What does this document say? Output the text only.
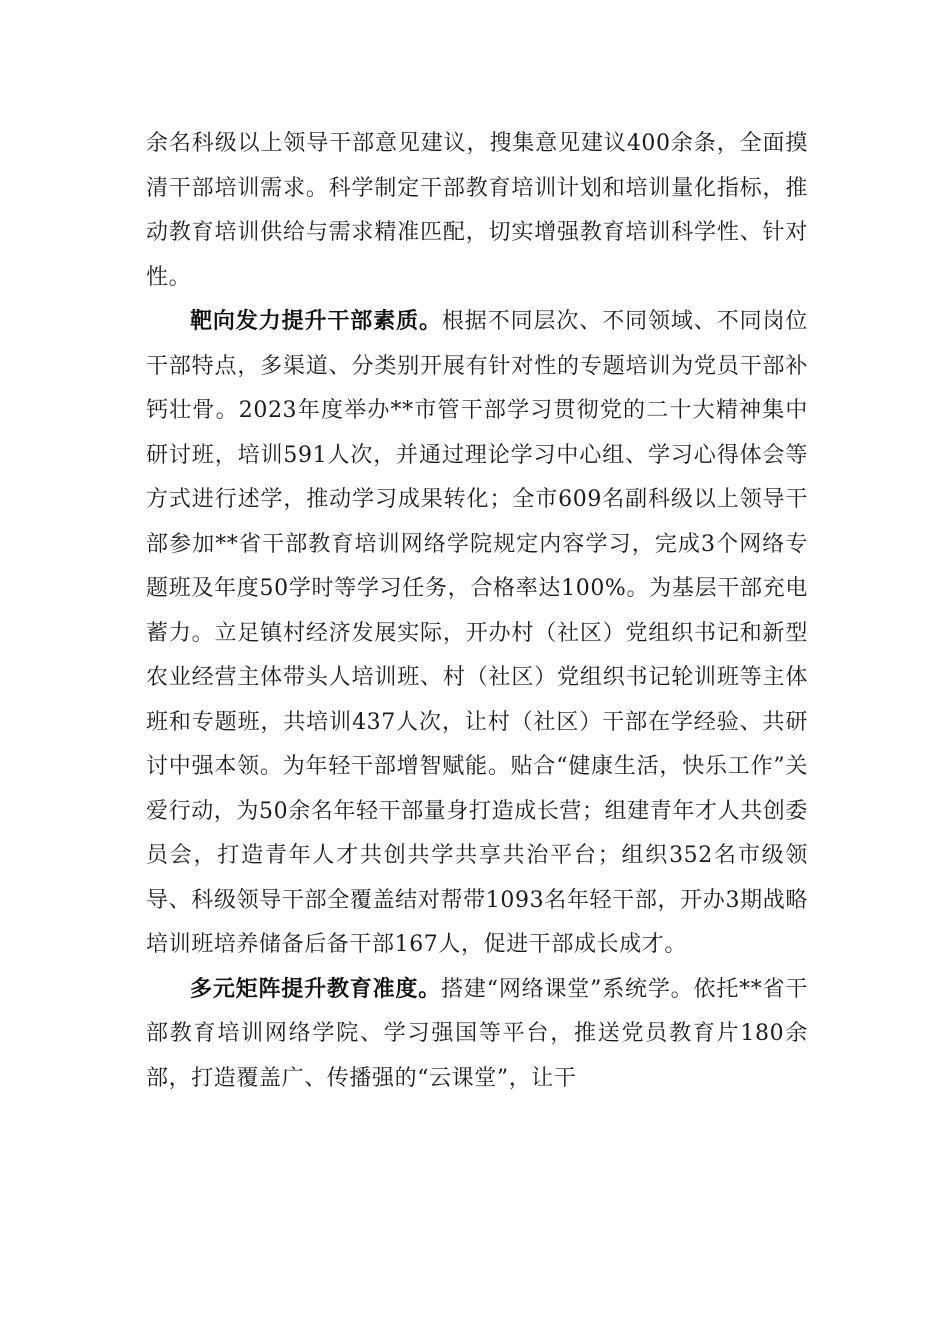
余名科级以上领导干部意见建议，搜集意见建议400余条，全面摸清干部培训需求。科学制定干部教育培训计划和培训量化指标，推动教育培训供给与需求精准匹配，切实增强教育培训科学性、针对性。

靶向发力提升干部素质。根据不同层次、不同领域、不同岗位干部特点，多渠道、分类别开展有针对性的专题培训为党员干部补钙壮骨。2023年度举办**市管干部学习贯彻党的二十大精神集中研讨班，培训591人次，并通过理论学习中心组、学习心得体会等方式进行述学，推动学习成果转化；全市609名副科级以上领导干部参加**省干部教育培训网络学院规定内容学习，完成3个网络专题班及年度50学时等学习任务，合格率达100%。为基层干部充电蓄力。立足镇村经济发展实际，开办村（社区）党组织书记和新型农业经营主体带头人培训班、村（社区）党组织书记轮训班等主体班和专题班，共培训437人次，让村（社区）干部在学经验、共研讨中强本领。为年轻干部增智赋能。贴合“健康生活，快乐工作”关爱行动，为50余名年轻干部量身打造成长营；组建青年才人共创委员会，打造青年人才共创共学共享共治平台；组织352名市级领导、科级领导干部全覆盖结对帮带1093名年轻干部，开办3期战略培训班培养储备后备干部167人，促进干部成长成才。

多元矩阵提升教育准度。搭建“网络课堂”系统学。依托**省干部教育培训网络学院、学习强国等平台，推送党员教育片180余部，打造覆盖广、传播强的“云课堂”，让干
